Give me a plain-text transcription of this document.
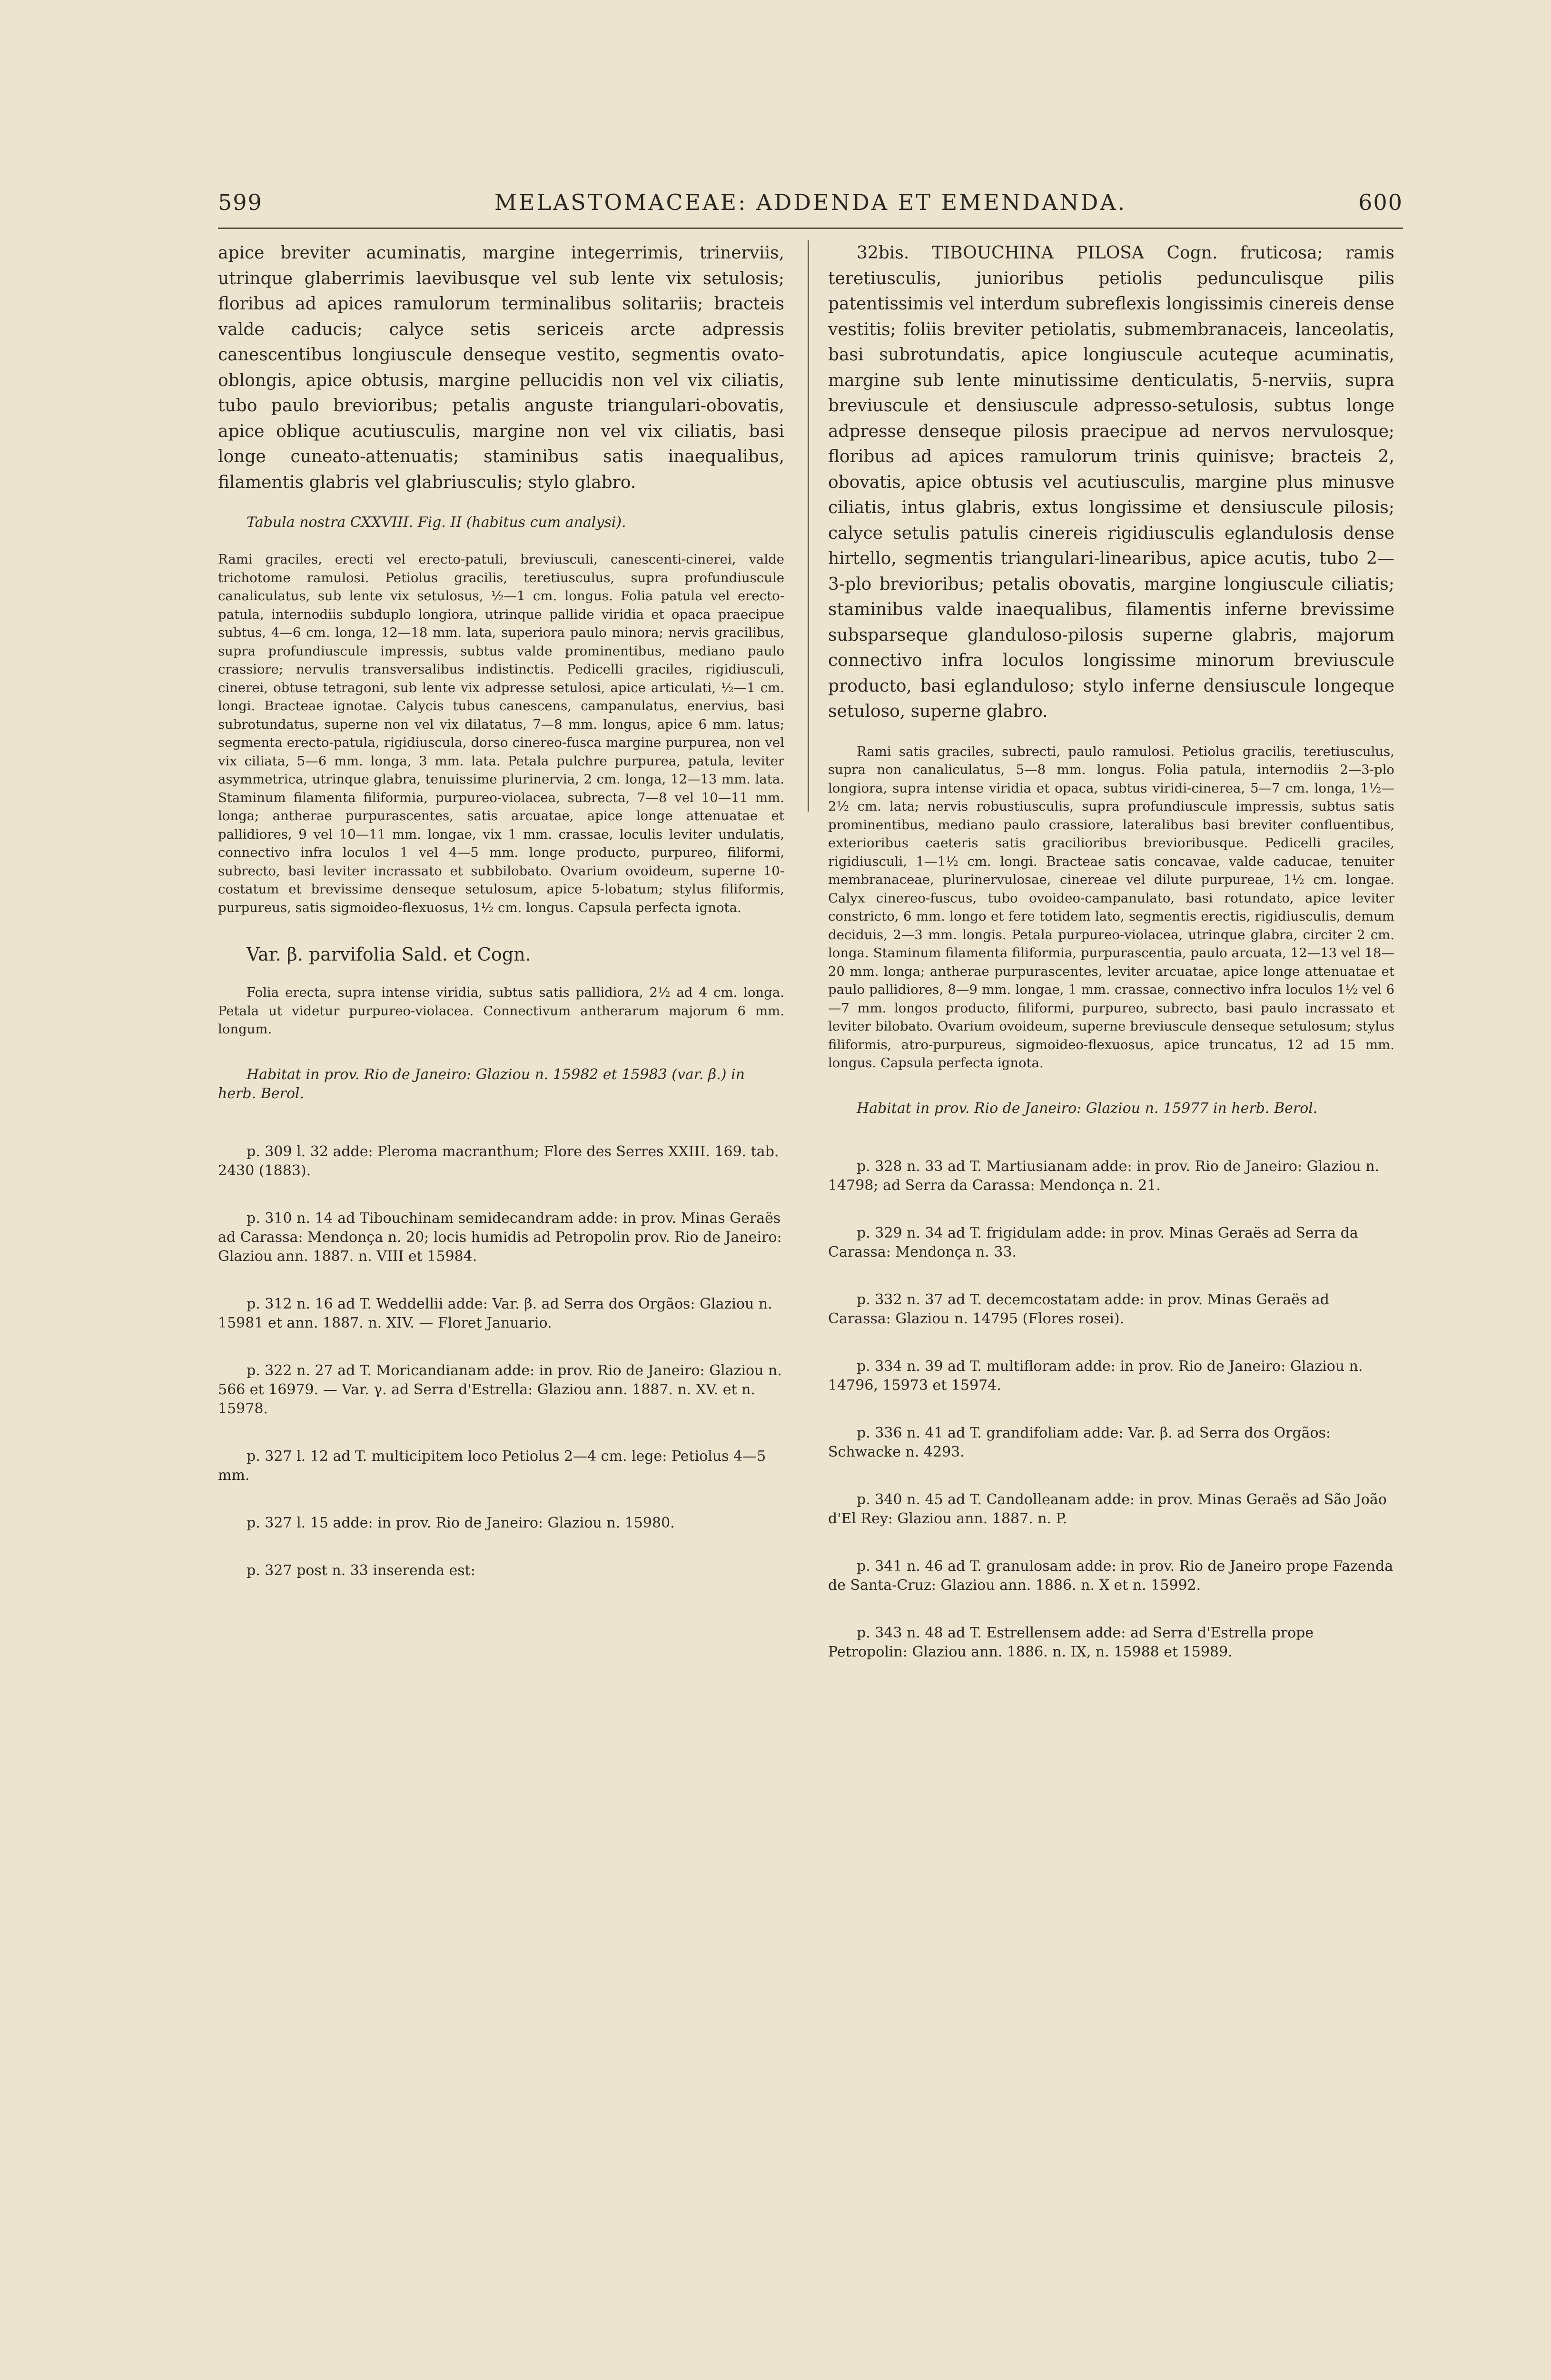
599	MELASTOMACEAE: ADDENDA ET EMENDANDA.	600

apice breviter acuminatis, margine integerrimis, trinerviis, utrinque glaberrimis laevibusque vel sub lente vix setulosis; floribus ad apices ramulorum terminalibus solitariis; bracteis valde caducis; calyce setis sericeis arcte adpressis canescentibus longiuscule denseque vestito, segmentis ovato-oblongis, apice obtusis, margine pellucidis non vel vix ciliatis, tubo paulo brevioribus; petalis anguste triangulari-obovatis, apice oblique acutiusculis, margine non vel vix ciliatis, basi longe cuneato-attenuatis; staminibus satis inaequalibus, filamentis glabris vel glabriusculis; stylo glabro.

Tabula nostra CXXVIII. Fig. II (habitus cum analysi).

Rami graciles, erecti vel erecto-patuli, breviusculi, canescenti-cinerei, valde trichotome ramulosi. Petiolus gracilis, teretiusculus, supra profundiuscule canaliculatus, sub lente vix setulosus, ½—1 cm. longus. Folia patula vel erecto-patula, internodiis subduplo longiora, utrinque pallide viridia et opaca praecipue subtus, 4—6 cm. longa, 12—18 mm. lata, superiora paulo minora; nervis gracilibus, supra profundiuscule impressis, subtus valde prominentibus, mediano paulo crassiore; nervulis transversalibus indistinctis. Pedicelli graciles, rigidiusculi, cinerei, obtuse tetragoni, sub lente vix adpresse setulosi, apice articulati, ½—1 cm. longi. Bracteae ignotae. Calycis tubus canescens, campanulatus, enervius, basi subrotundatus, superne non vel vix dilatatus, 7—8 mm. longus, apice 6 mm. latus; segmenta erecto-patula, rigidiuscula, dorso cinereo-fusca margine purpurea, non vel vix ciliata, 5—6 mm. longa, 3 mm. lata. Petala pulchre purpurea, patula, leviter asymmetrica, utrinque glabra, tenuissime plurinervia, 2 cm. longa, 12—13 mm. lata. Staminum filamenta filiformia, purpureo-violacea, subrecta, 7—8 vel 10—11 mm. longa; antherae purpurascentes, satis arcuatae, apice longe attenuatae et pallidiores, 9 vel 10—11 mm. longae, vix 1 mm. crassae, loculis leviter undulatis, connectivo infra loculos 1 vel 4—5 mm. longe producto, purpureo, filiformi, subrecto, basi leviter incrassato et subbilobato. Ovarium ovoideum, superne 10-costatum et brevissime denseque setulosum, apice 5-lobatum; stylus filiformis, purpureus, satis sigmoideo-flexuosus, 1½ cm. longus. Capsula perfecta ignota.

Var. β. parvifolia Sald. et Cogn.

Folia erecta, supra intense viridia, subtus satis pallidiora, 2½ ad 4 cm. longa. Petala ut videtur purpureo-violacea. Connectivum antherarum majorum 6 mm. longum.

Habitat in prov. Rio de Janeiro: Glaziou n. 15982 et 15983 (var. β.) in herb. Berol.

p. 309 l. 32 adde: Pleroma macranthum; Flore des Serres XXIII. 169. tab. 2430 (1883).

p. 310 n. 14 ad Tibouchinam semidecandram adde: in prov. Minas Geraës ad Carassa: Mendonça n. 20; locis humidis ad Petropolin prov. Rio de Janeiro: Glaziou ann. 1887. n. VIII et 15984.

p. 312 n. 16 ad T. Weddellii adde: Var. β. ad Serra dos Orgãos: Glaziou n. 15981 et ann. 1887. n. XIV. — Floret Januario.

p. 322 n. 27 ad T. Moricandianam adde: in prov. Rio de Janeiro: Glaziou n. 566 et 16979. — Var. γ. ad Serra d'Estrella: Glaziou ann. 1887. n. XV. et n. 15978.

p. 327 l. 12 ad T. multicipitem loco Petiolus 2—4 cm. lege: Petiolus 4—5 mm.

p. 327 l. 15 adde: in prov. Rio de Janeiro: Glaziou n. 15980.

p. 327 post n. 33 inserenda est:

32bis. TIBOUCHINA PILOSA Cogn. fruticosa; ramis teretiusculis, junioribus petiolis pedunculisque pilis patentissimis vel interdum subreflexis longissimis cinereis dense vestitis; foliis breviter petiolatis, submembranaceis, lanceolatis, basi subrotundatis, apice longiuscule acuteque acuminatis, margine sub lente minutissime denticulatis, 5-nerviis, supra breviuscule et densiuscule adpresso-setulosis, subtus longe adpresse denseque pilosis praecipue ad nervos nervulosque; floribus ad apices ramulorum trinis quinisve; bracteis 2, obovatis, apice obtusis vel acutiusculis, margine plus minusve ciliatis, intus glabris, extus longissime et densiuscule pilosis; calyce setulis patulis cinereis rigidiusculis eglandulosis dense hirtello, segmentis triangulari-linearibus, apice acutis, tubo 2—3-plo brevioribus; petalis obovatis, margine longiuscule ciliatis; staminibus valde inaequalibus, filamentis inferne brevissime subsparseque glanduloso-pilosis superne glabris, majorum connectivo infra loculos longissime minorum breviuscule producto, basi eglanduloso; stylo inferne densiuscule longeque setuloso, superne glabro.

Rami satis graciles, subrecti, paulo ramulosi. Petiolus gracilis, teretiusculus, supra non canaliculatus, 5—8 mm. longus. Folia patula, internodiis 2—3-plo longiora, supra intense viridia et opaca, subtus viridi-cinerea, 5—7 cm. longa, 1½—2½ cm. lata; nervis robustiusculis, supra profundiuscule impressis, subtus satis prominentibus, mediano paulo crassiore, lateralibus basi breviter confluentibus, exterioribus caeteris satis gracilioribus brevioribusque. Pedicelli graciles, rigidiusculi, 1—1½ cm. longi. Bracteae satis concavae, valde caducae, tenuiter membranaceae, plurinervulosae, cinereae vel dilute purpureae, 1½ cm. longae. Calyx cinereo-fuscus, tubo ovoideo-campanulato, basi rotundato, apice leviter constricto, 6 mm. longo et fere totidem lato, segmentis erectis, rigidiusculis, demum deciduis, 2—3 mm. longis. Petala purpureo-violacea, utrinque glabra, circiter 2 cm. longa. Staminum filamenta filiformia, purpurascentia, paulo arcuata, 12—13 vel 18—20 mm. longa; antherae purpurascentes, leviter arcuatae, apice longe attenuatae et paulo pallidiores, 8—9 mm. longae, 1 mm. crassae, connectivo infra loculos 1½ vel 6—7 mm. longos producto, filiformi, purpureo, subrecto, basi paulo incrassato et leviter bilobato. Ovarium ovoideum, superne breviuscule denseque setulosum; stylus filiformis, atro-purpureus, sigmoideo-flexuosus, apice truncatus, 12 ad 15 mm. longus. Capsula perfecta ignota.

Habitat in prov. Rio de Janeiro: Glaziou n. 15977 in herb. Berol.

p. 328 n. 33 ad T. Martiusianam adde: in prov. Rio de Janeiro: Glaziou n. 14798; ad Serra da Carassa: Mendonça n. 21.

p. 329 n. 34 ad T. frigidulam adde: in prov. Minas Geraës ad Serra da Carassa: Mendonça n. 33.

p. 332 n. 37 ad T. decemcostatam adde: in prov. Minas Geraës ad Carassa: Glaziou n. 14795 (Flores rosei).

p. 334 n. 39 ad T. multifloram adde: in prov. Rio de Janeiro: Glaziou n. 14796, 15973 et 15974.

p. 336 n. 41 ad T. grandifoliam adde: Var. β. ad Serra dos Orgãos: Schwacke n. 4293.

p. 340 n. 45 ad T. Candolleanam adde: in prov. Minas Geraës ad São João d'El Rey: Glaziou ann. 1887. n. P.

p. 341 n. 46 ad T. granulosam adde: in prov. Rio de Janeiro prope Fazenda de Santa-Cruz: Glaziou ann. 1886. n. X et n. 15992.

p. 343 n. 48 ad T. Estrellensem adde: ad Serra d'Estrella prope Petropolin: Glaziou ann. 1886. n. IX, n. 15988 et 15989.
